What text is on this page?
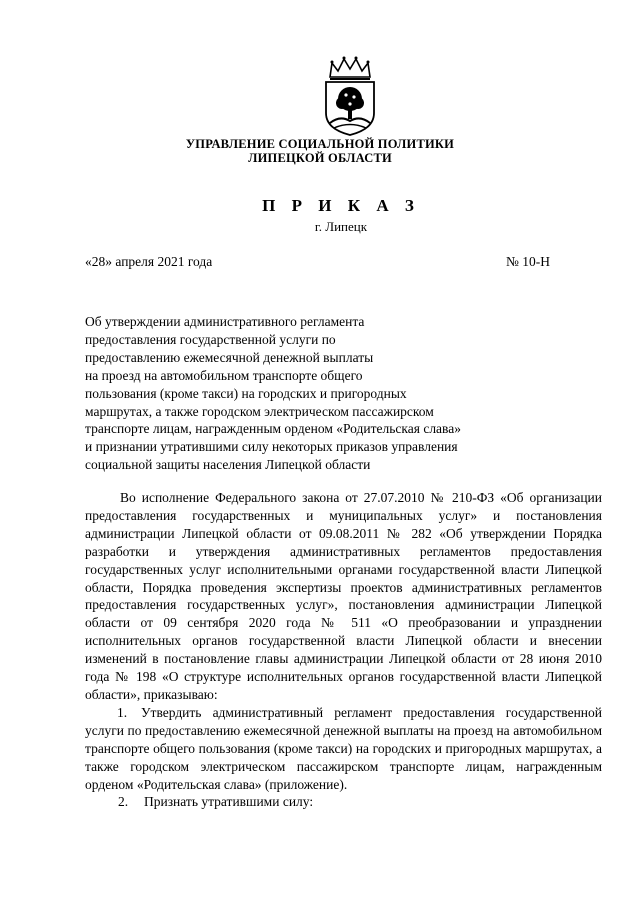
УПРАВЛЕНИЕ СОЦИАЛЬНОЙ ПОЛИТИКИ
ЛИПЕЦКОЙ ОБЛАСТИ
П Р И К А З
г. Липецк
«28» апреля 2021 года	№ 10-Н
Об утверждении административного регламента
предоставления государственной услуги по
предоставлению ежемесячной денежной выплаты
на проезд на автомобильном транспорте общего
пользования (кроме такси) на городских и пригородных
маршрутах, а также городском электрическом пассажирском
транспорте лицам, награжденным орденом «Родительская слава»
и признании утратившими силу некоторых приказов управления
социальной защиты населения Липецкой области

Во исполнение Федерального закона от 27.07.2010 № 210-ФЗ «Об организации предоставления государственных и муниципальных услуг» и постановления администрации Липецкой области от 09.08.2011 № 282 «Об утверждении Порядка разработки и утверждения административных регламентов предоставления государственных услуг исполнительными органами государственной власти Липецкой области, Порядка проведения экспертизы проектов административных регламентов предоставления государственных услуг», постановления администрации Липецкой области от 09 сентября 2020 года № 511 «О преобразовании и упразднении исполнительных органов государственной власти Липецкой области и внесении изменений в постановление главы администрации Липецкой области от 28 июня 2010 года № 198 «О структуре исполнительных органов государственной власти Липецкой области», приказываю:

1. Утвердить административный регламент предоставления государственной услуги по предоставлению ежемесячной денежной выплаты на проезд на автомобильном транспорте общего пользования (кроме такси) на городских и пригородных маршрутах, а также городском электрическом пассажирском транспорте лицам, награжденным орденом «Родительская слава» (приложение).

2. Признать утратившими силу:
